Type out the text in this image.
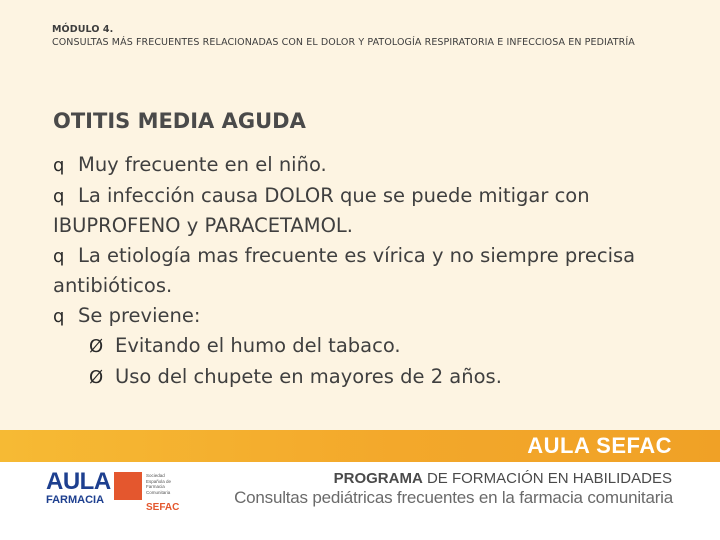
MÓDULO 4.
CONSULTAS MÁS FRECUENTES RELACIONADAS CON EL DOLOR Y PATOLOGÍA RESPIRATORIA E INFECCIOSA EN PEDIATRÍA
OTITIS MEDIA AGUDA

q Muy frecuente en el niño.

q La infección causa DOLOR que se puede mitigar con IBUPROFENO y PARACETAMOL.

q La etiología mas frecuente es vírica y no siempre precisa antibióticos.

q Se previene:

Ø Evitando el humo del tabaco.

Ø Uso del chupete en mayores de 2 años.

AULA SEFAC
AULA
FARMACIA
Sociedad Española de Farmacia Comunitaria
SEFAC
PROGRAMA DE FORMACIÓN EN HABILIDADES
Consultas pediátricas frecuentes en la farmacia comunitaria
